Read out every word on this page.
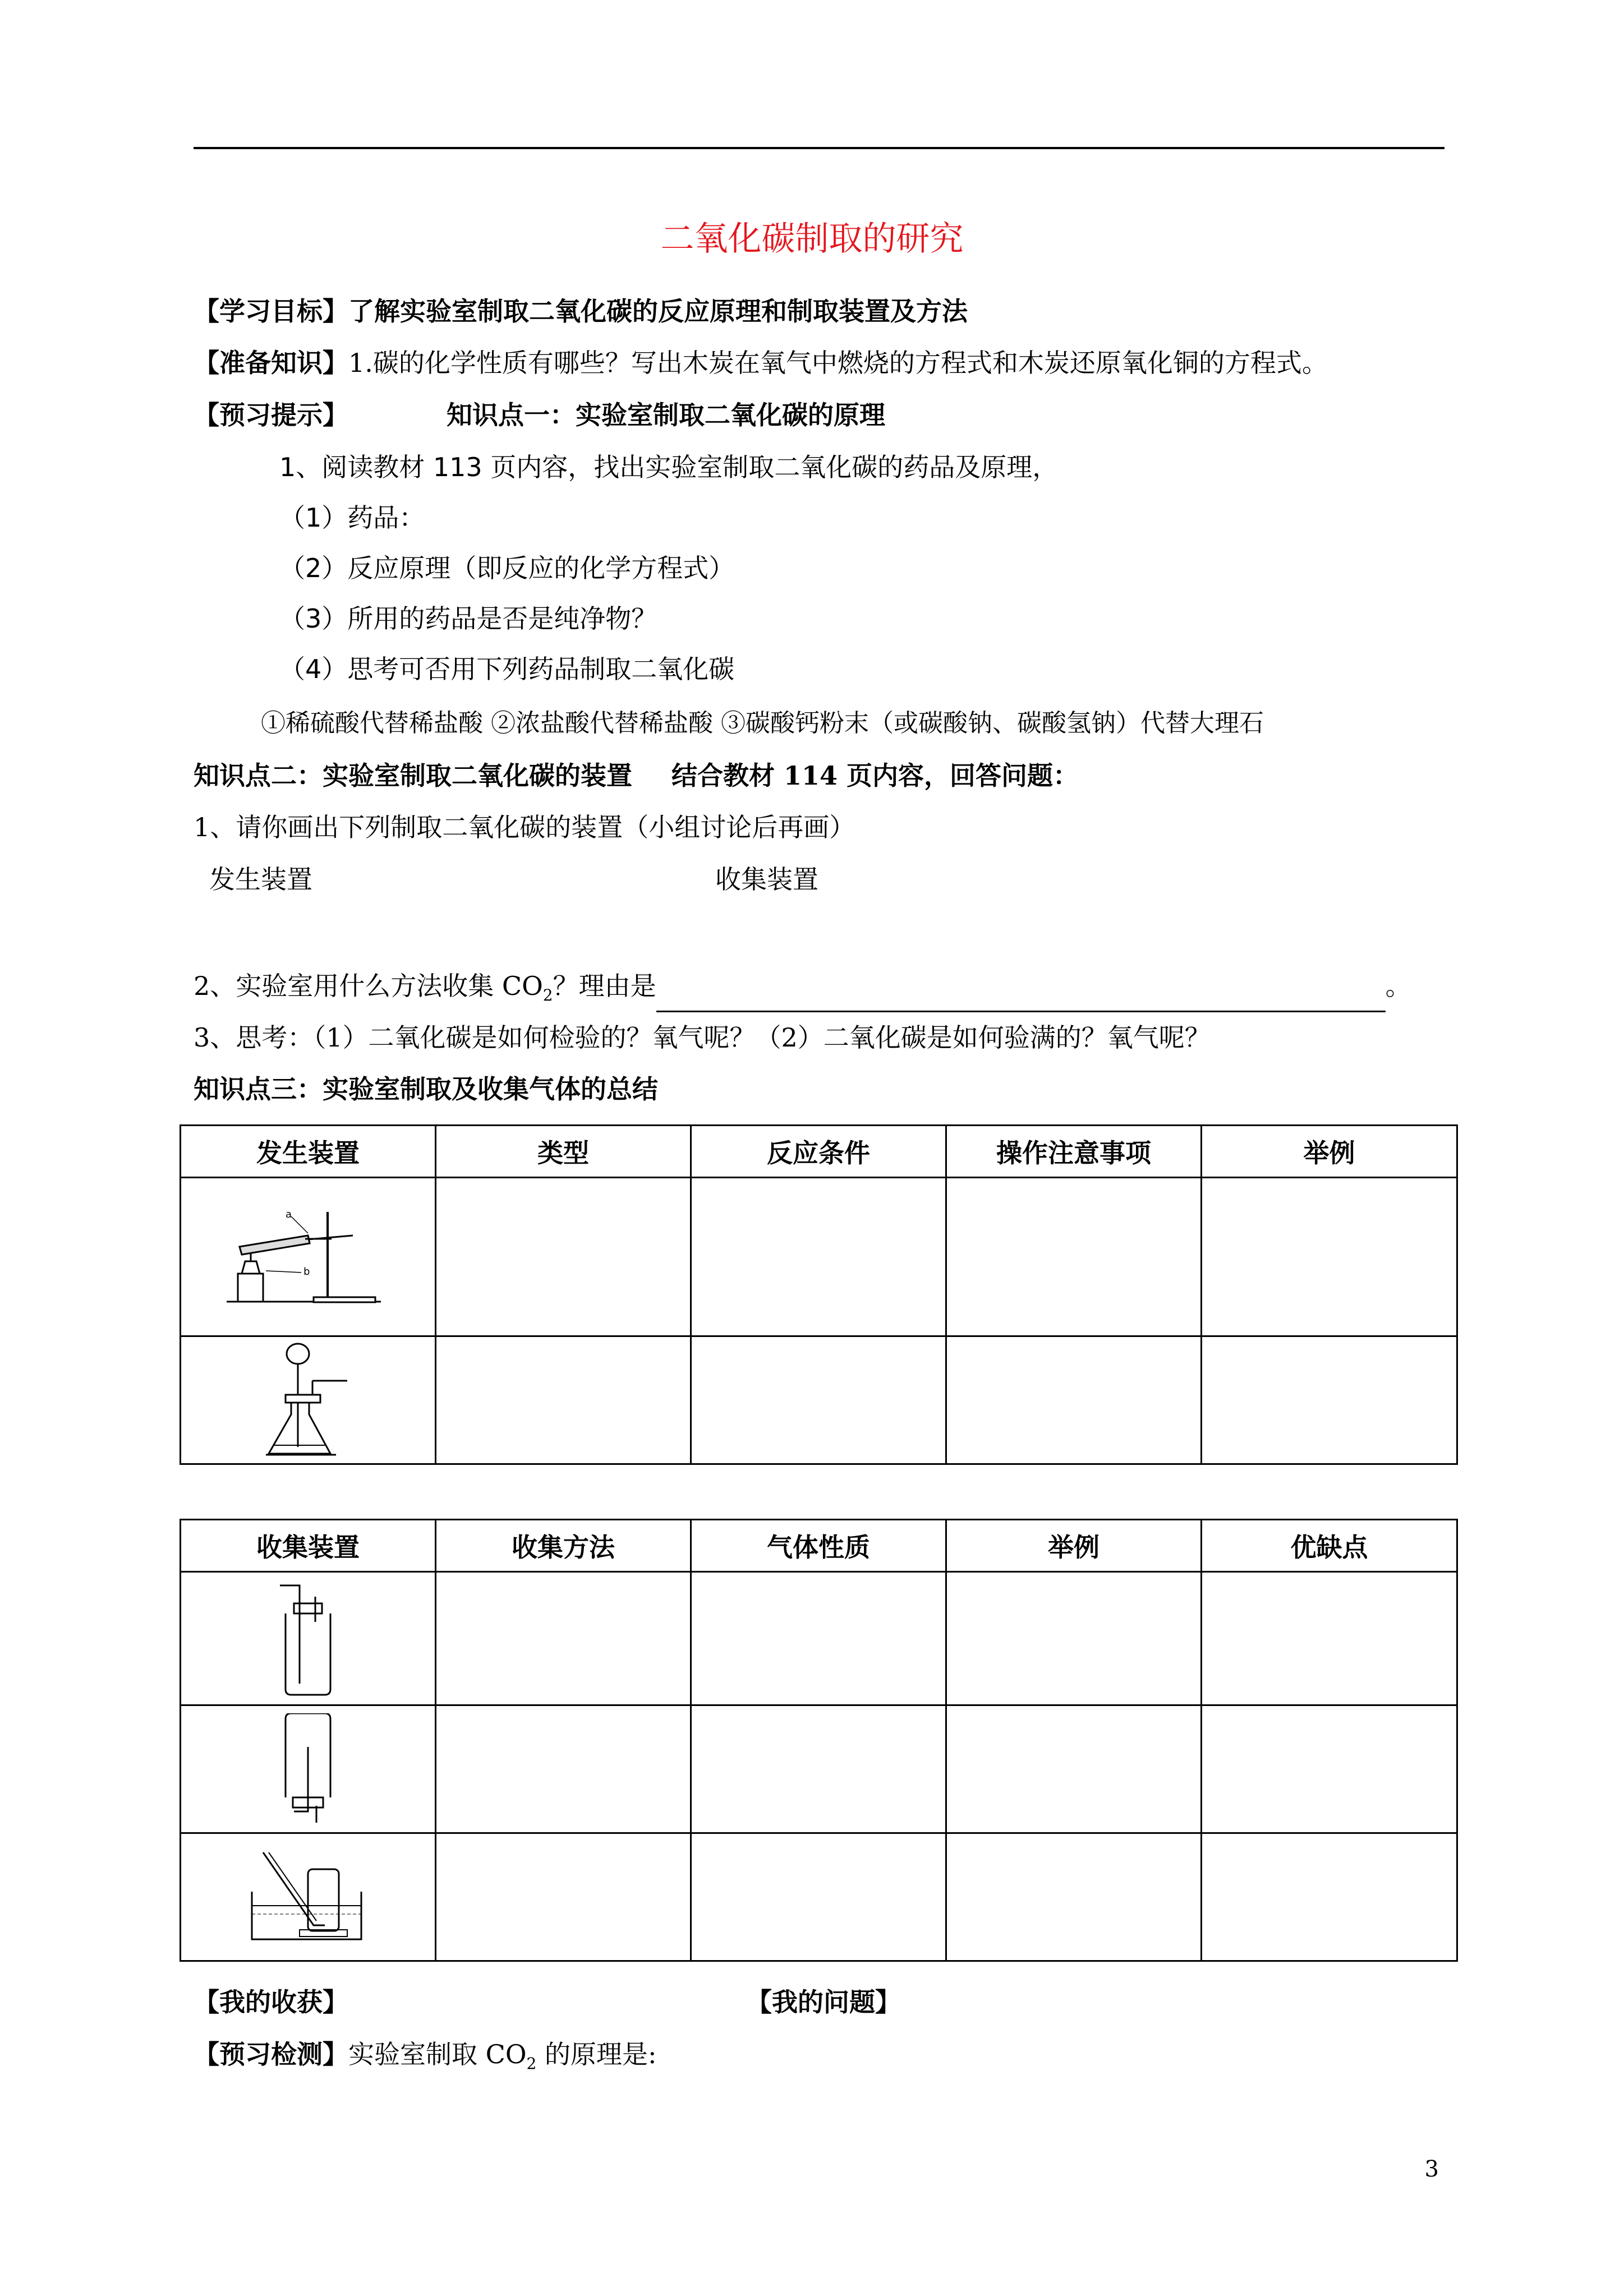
二氧化碳制取的研究
【学习目标】了解实验室制取二氧化碳的反应原理和制取装置及方法
【准备知识】1.碳的化学性质有哪些？写出木炭在氧气中燃烧的方程式和木炭还原氧化铜的方程式。
【预习提示】	知识点一：实验室制取二氧化碳的原理
1、阅读教材 113 页内容，找出实验室制取二氧化碳的药品及原理，
（1）药品：
（2）反应原理（即反应的化学方程式）
（3）所用的药品是否是纯净物？
（4）思考可否用下列药品制取二氧化碳
①稀硫酸代替稀盐酸 ②浓盐酸代替稀盐酸 ③碳酸钙粉末（或碳酸钠、碳酸氢钠）代替大理石
知识点二：实验室制取二氧化碳的装置 结合教材 114 页内容，回答问题：
1、请你画出下列制取二氧化碳的装置（小组讨论后再画）
发生装置	收集装置
2、实验室用什么方法收集 $CO_2$？理由是	。
3、思考：（1）二氧化碳是如何检验的？氧气呢？（2）二氧化碳是如何验满的？氧气呢？
知识点三：实验室制取及收集气体的总结
发生装置	类型	反应条件	操作注意事项	举例

a
b				

收集装置	收集方法	气体性质	举例	优缺点

【我的收获】	【我的问题】
【预习检测】实验室制取 $CO_2$ 的原理是:
3
